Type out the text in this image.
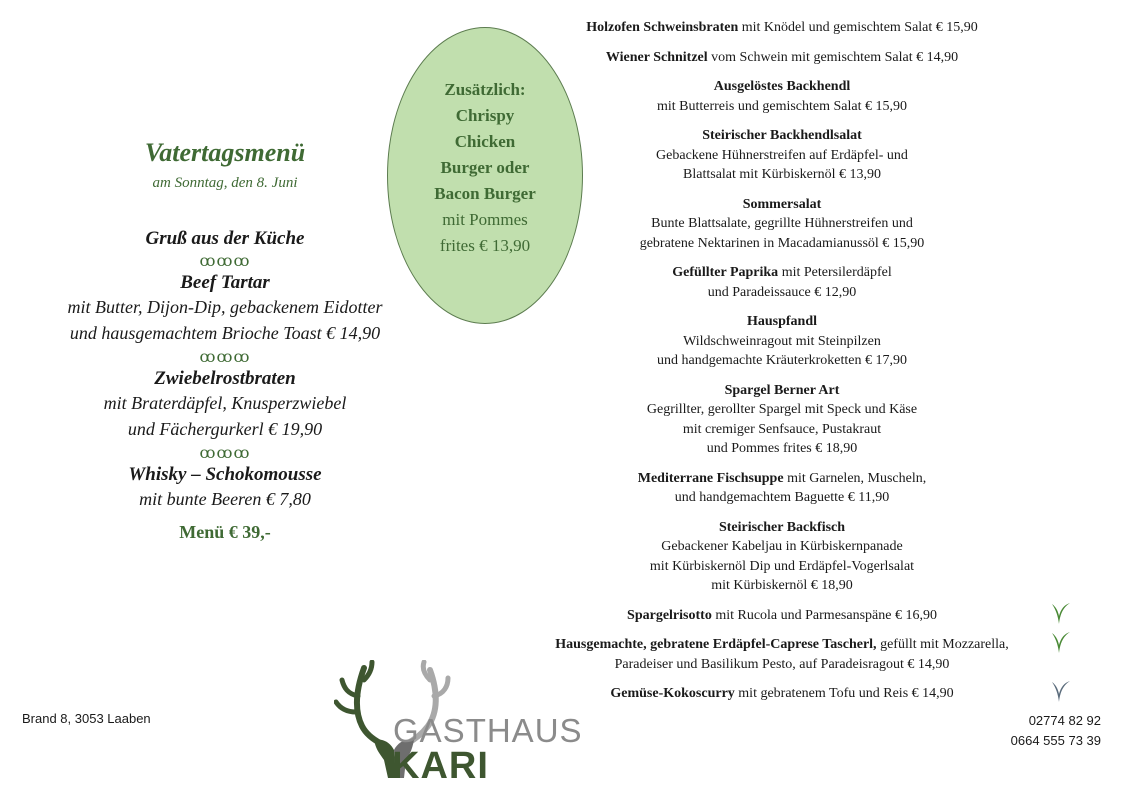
Vatertagsmenü
am Sonntag, den 8. Juni
Gruß aus der Küche
ꝏꝏꝏ
Beef Tartar
mit Butter, Dijon-Dip, gebackenem Eidotter
und hausgemachtem Brioche Toast € 14,90
ꝏꝏꝏ
Zwiebelrostbraten
mit Braterdäpfel, Knusperzwiebel
und Fächergurkerl € 19,90
ꝏꝏꝏ
Whisky – Schokomousse
mit bunte Beeren € 7,80
Menü € 39,-
Zusätzlich:
Chrispy
Chicken
Burger oder
Bacon Burger
mit Pommes
frites € 13,90
Holzofen Schweinsbraten mit Knödel und gemischtem Salat € 15,90
Wiener Schnitzel vom Schwein mit gemischtem Salat € 14,90
Ausgelöstes Backhendl
mit Butterreis und gemischtem Salat € 15,90
Steirischer Backhendlsalat
Gebackene Hühnerstreifen auf Erdäpfel- und
Blattsalat mit Kürbiskernöl € 13,90
Sommersalat
Bunte Blattsalate, gegrillte Hühnerstreifen und
gebratene Nektarinen in Macadamianussöl € 15,90
Gefüllter Paprika mit Petersilerdäpfel
und Paradeissauce € 12,90
Hauspfandl
Wildschweinragout mit Steinpilzen
und handgemachte Kräuterkroketten € 17,90
Spargel Berner Art
Gegrillter, gerollter Spargel mit Speck und Käse
mit cremiger Senfsauce, Pustakraut
und Pommes frites € 18,90
Mediterrane Fischsuppe mit Garnelen, Muscheln,
und handgemachtem Baguette € 11,90
Steirischer Backfisch
Gebackener Kabeljau in Kürbiskernpanade
mit Kürbiskernöl Dip und Erdäpfel-Vogerlsalat
mit Kürbiskernöl € 18,90
Spargelrisotto mit Rucola und Parmesanspäne € 16,90
Hausgemachte, gebratene Erdäpfel-Caprese Tascherl, gefüllt mit Mozzarella,
Paradeiser und Basilikum Pesto, auf Paradeisragout € 14,90
Gemüse-Kokoscurry mit gebratenem Tofu und Reis € 14,90
Brand 8, 3053 Laaben	02774 82 92
0664 555 73 39
GASTHAUS
KARI
